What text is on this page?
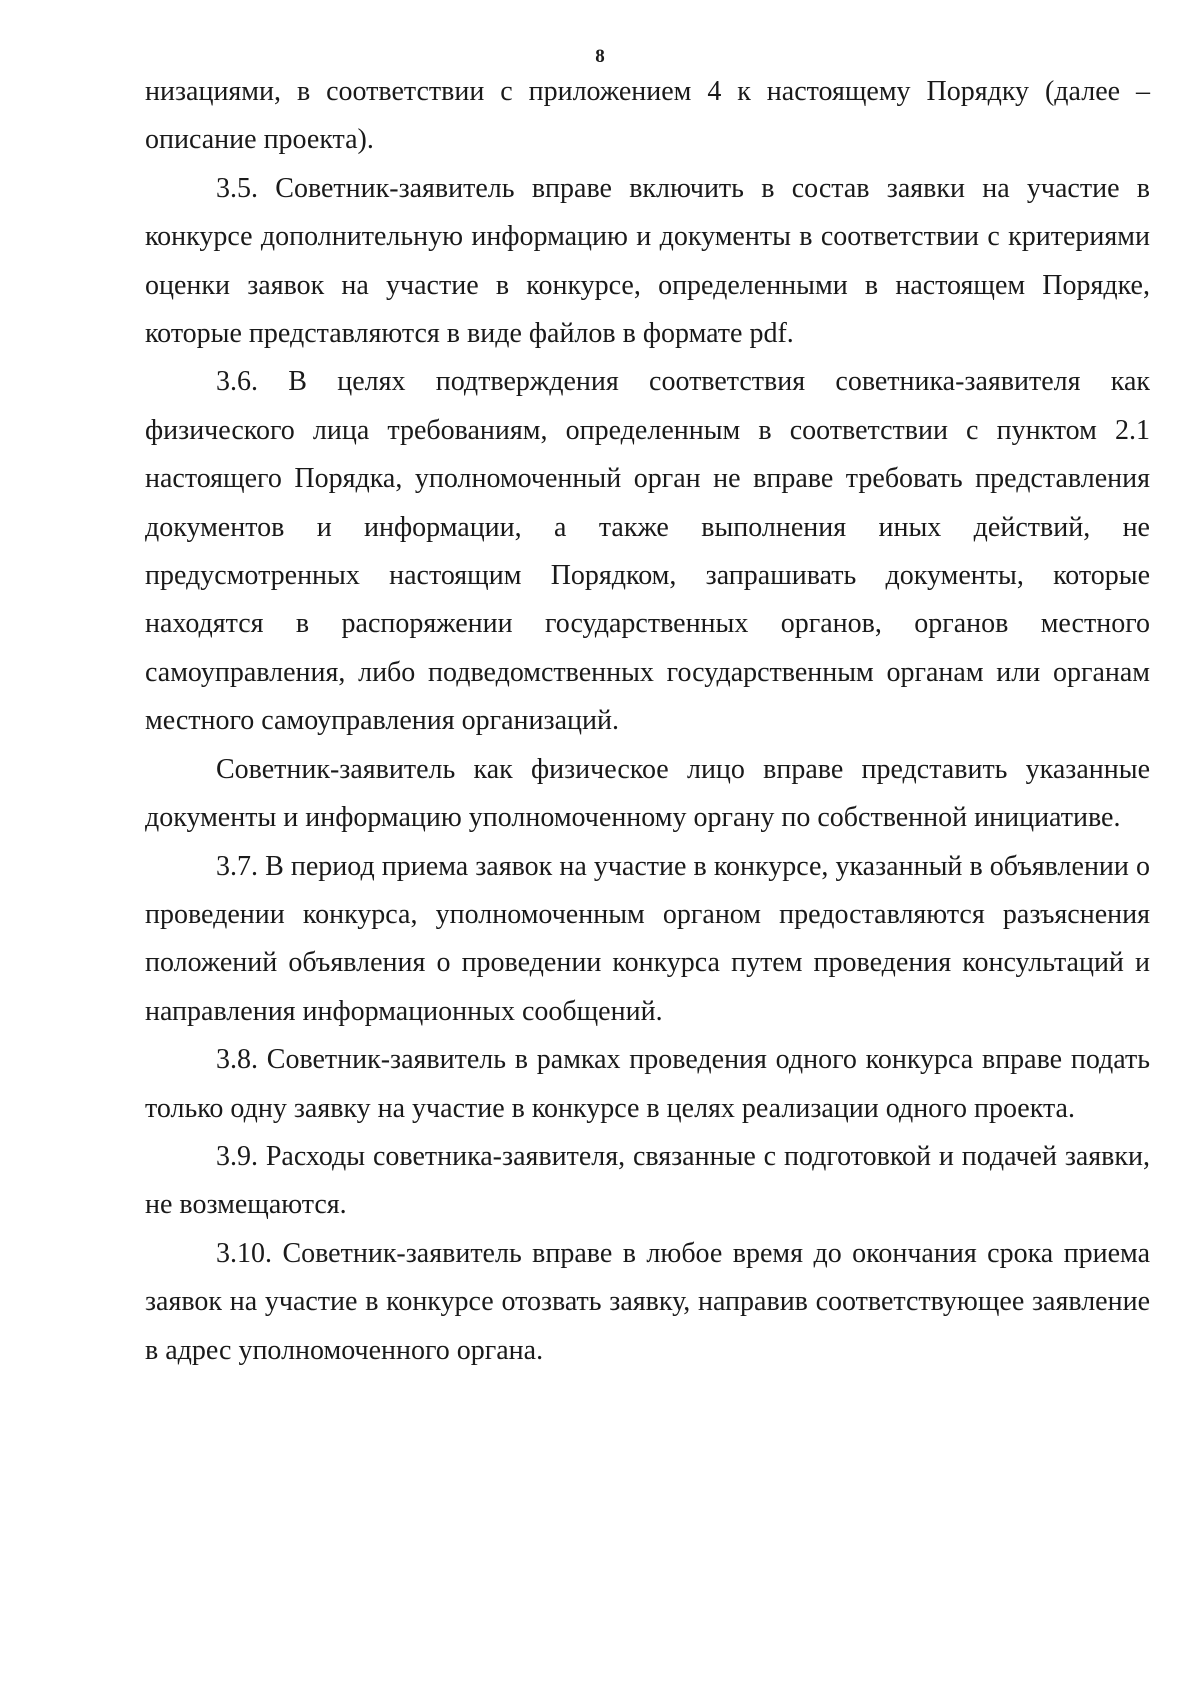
8

низациями, в соответствии с приложением 4 к настоящему Порядку (далее – описание проекта).

3.5. Советник-заявитель вправе включить в состав заявки на участие в конкурсе дополнительную информацию и документы в соответствии с критериями оценки заявок на участие в конкурсе, определенными в настоящем Порядке, которые представляются в виде файлов в формате pdf.

3.6. В целях подтверждения соответствия советника-заявителя как физического лица требованиям, определенным в соответствии с пунктом 2.1 настоящего Порядка, уполномоченный орган не вправе требовать представления документов и информации, а также выполнения иных действий, не предусмотренных настоящим Порядком, запрашивать документы, которые находятся в распоряжении государственных органов, органов местного самоуправления, либо подведомственных государственным органам или органам местного самоуправления организаций.

Советник-заявитель как физическое лицо вправе представить указанные документы и информацию уполномоченному органу по собственной инициативе.

3.7. В период приема заявок на участие в конкурсе, указанный в объявлении о проведении конкурса, уполномоченным органом предоставляются разъяснения положений объявления о проведении конкурса путем проведения консультаций и направления информационных сообщений.

3.8. Советник-заявитель в рамках проведения одного конкурса вправе подать только одну заявку на участие в конкурсе в целях реализации одного проекта.

3.9. Расходы советника-заявителя, связанные с подготовкой и подачей заявки, не возмещаются.

3.10. Советник-заявитель вправе в любое время до окончания срока приема заявок на участие в конкурсе отозвать заявку, направив соответствующее заявление в адрес уполномоченного органа.
